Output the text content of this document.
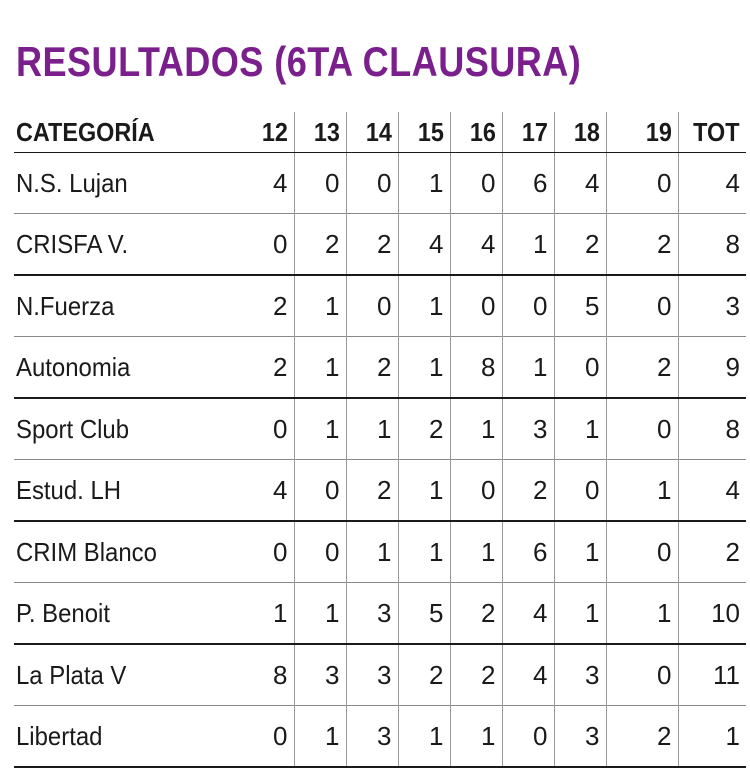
RESULTADOS (6TA CLAUSURA)
CATEGORÍA	12	13	14	15	16	17	18	19	TOT
N.S. Lujan	4	0	0	1	0	6	4	0	4
CRISFA V.	0	2	2	4	4	1	2	2	8
N.Fuerza	2	1	0	1	0	0	5	0	3
Autonomia	2	1	2	1	8	1	0	2	9
Sport Club	0	1	1	2	1	3	1	0	8
Estud. LH	4	0	2	1	0	2	0	1	4
CRIM Blanco	0	0	1	1	1	6	1	0	2
P. Benoit	1	1	3	5	2	4	1	1	10
La Plata V	8	3	3	2	2	4	3	0	11
Libertad	0	1	3	1	1	0	3	2	1
